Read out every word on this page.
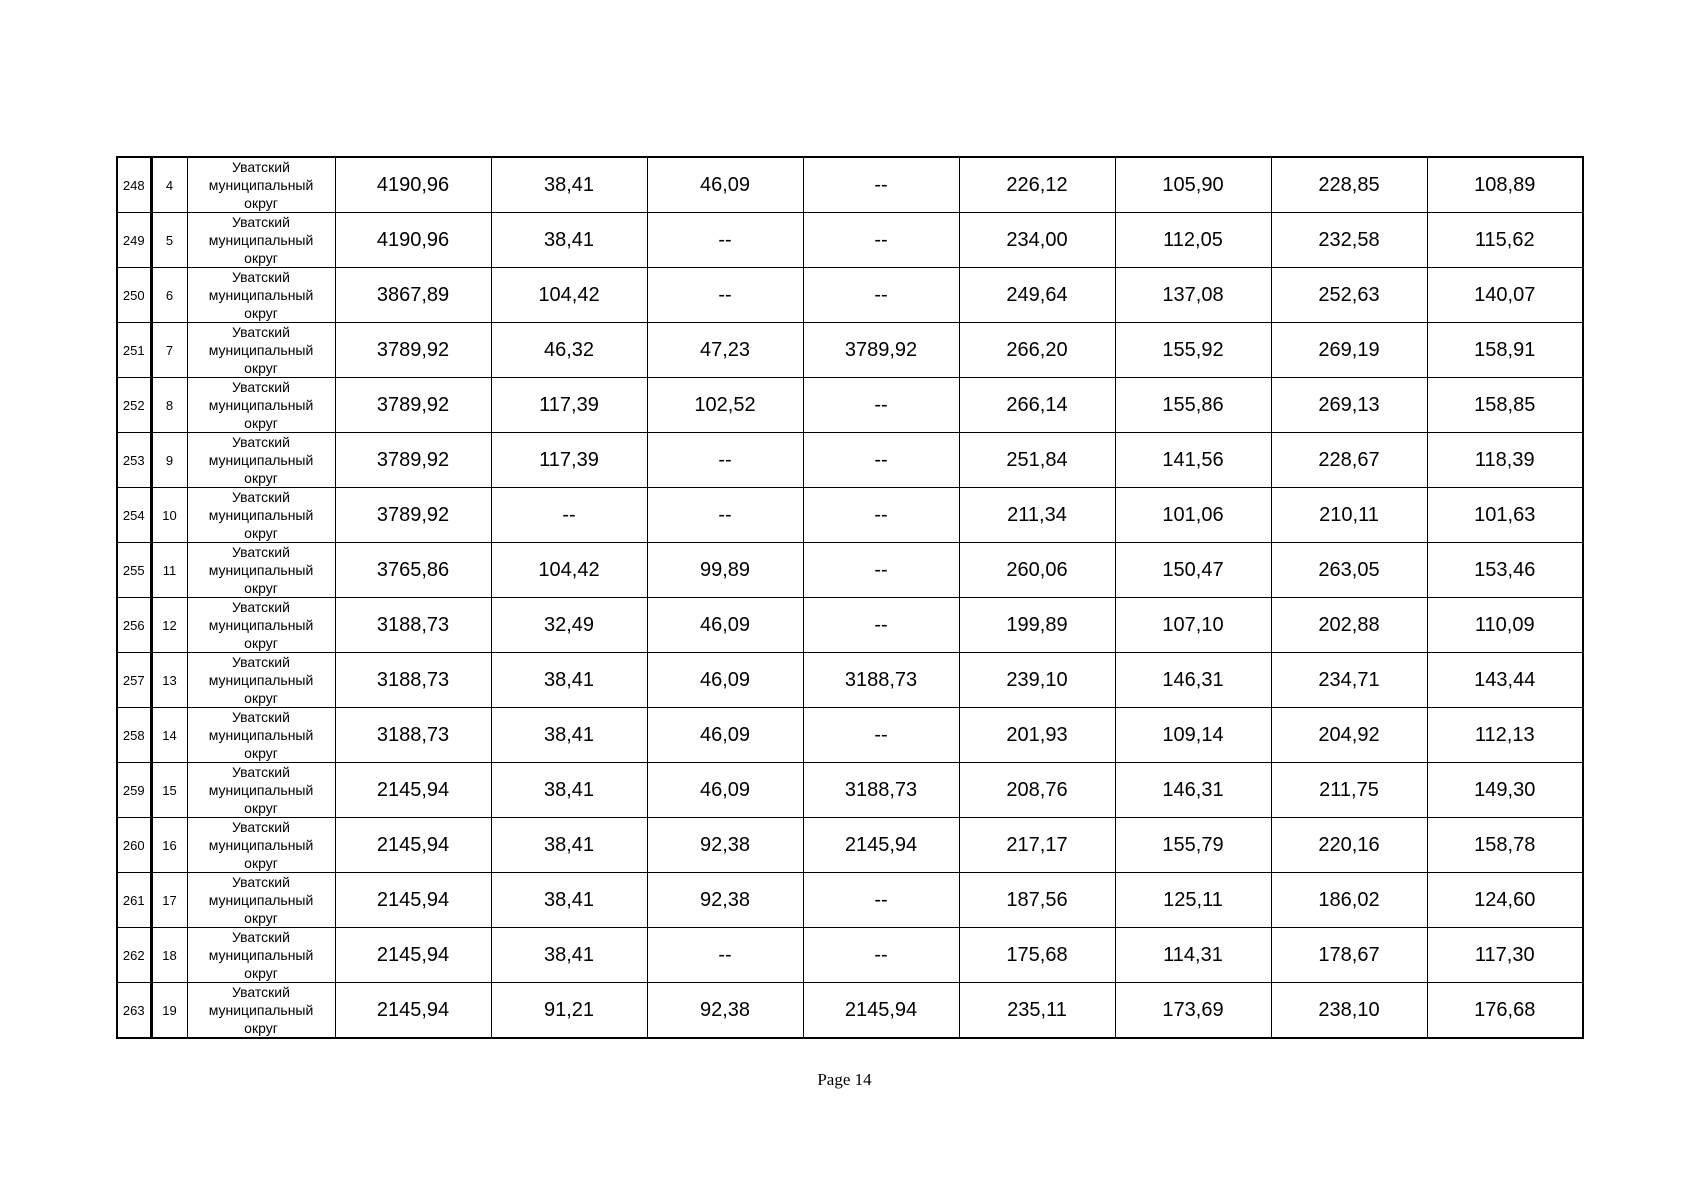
248	4	Уватский
муниципальный
округ	4190,96	38,41	46,09	--	226,12	105,90	228,85	108,89
249	5	Уватский
муниципальный
округ	4190,96	38,41	--	--	234,00	112,05	232,58	115,62
250	6	Уватский
муниципальный
округ	3867,89	104,42	--	--	249,64	137,08	252,63	140,07
251	7	Уватский
муниципальный
округ	3789,92	46,32	47,23	3789,92	266,20	155,92	269,19	158,91
252	8	Уватский
муниципальный
округ	3789,92	117,39	102,52	--	266,14	155,86	269,13	158,85
253	9	Уватский
муниципальный
округ	3789,92	117,39	--	--	251,84	141,56	228,67	118,39
254	10	Уватский
муниципальный
округ	3789,92	--	--	--	211,34	101,06	210,11	101,63
255	11	Уватский
муниципальный
округ	3765,86	104,42	99,89	--	260,06	150,47	263,05	153,46
256	12	Уватский
муниципальный
округ	3188,73	32,49	46,09	--	199,89	107,10	202,88	110,09
257	13	Уватский
муниципальный
округ	3188,73	38,41	46,09	3188,73	239,10	146,31	234,71	143,44
258	14	Уватский
муниципальный
округ	3188,73	38,41	46,09	--	201,93	109,14	204,92	112,13
259	15	Уватский
муниципальный
округ	2145,94	38,41	46,09	3188,73	208,76	146,31	211,75	149,30
260	16	Уватский
муниципальный
округ	2145,94	38,41	92,38	2145,94	217,17	155,79	220,16	158,78
261	17	Уватский
муниципальный
округ	2145,94	38,41	92,38	--	187,56	125,11	186,02	124,60
262	18	Уватский
муниципальный
округ	2145,94	38,41	--	--	175,68	114,31	178,67	117,30
263	19	Уватский
муниципальный
округ	2145,94	91,21	92,38	2145,94	235,11	173,69	238,10	176,68
Page 14
